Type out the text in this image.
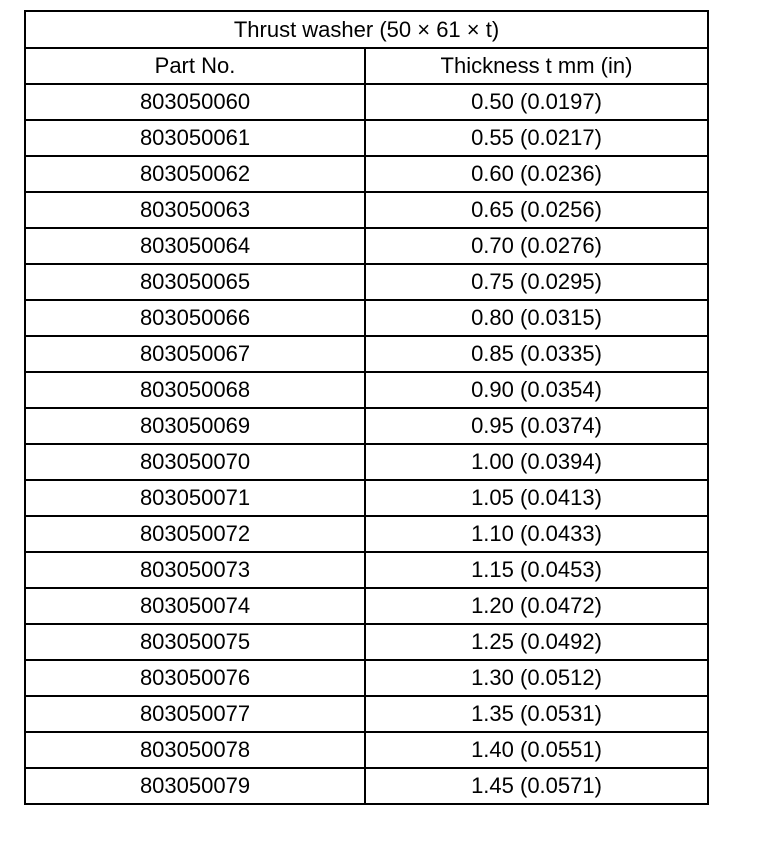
Thrust washer (50 × 61 × t)	
Part No.	Thickness t mm (in)
803050060	0.50 (0.0197)
803050061	0.55 (0.0217)
803050062	0.60 (0.0236)
803050063	0.65 (0.0256)
803050064	0.70 (0.0276)
803050065	0.75 (0.0295)
803050066	0.80 (0.0315)
803050067	0.85 (0.0335)
803050068	0.90 (0.0354)
803050069	0.95 (0.0374)
803050070	1.00 (0.0394)
803050071	1.05 (0.0413)
803050072	1.10 (0.0433)
803050073	1.15 (0.0453)
803050074	1.20 (0.0472)
803050075	1.25 (0.0492)
803050076	1.30 (0.0512)
803050077	1.35 (0.0531)
803050078	1.40 (0.0551)
803050079	1.45 (0.0571)
